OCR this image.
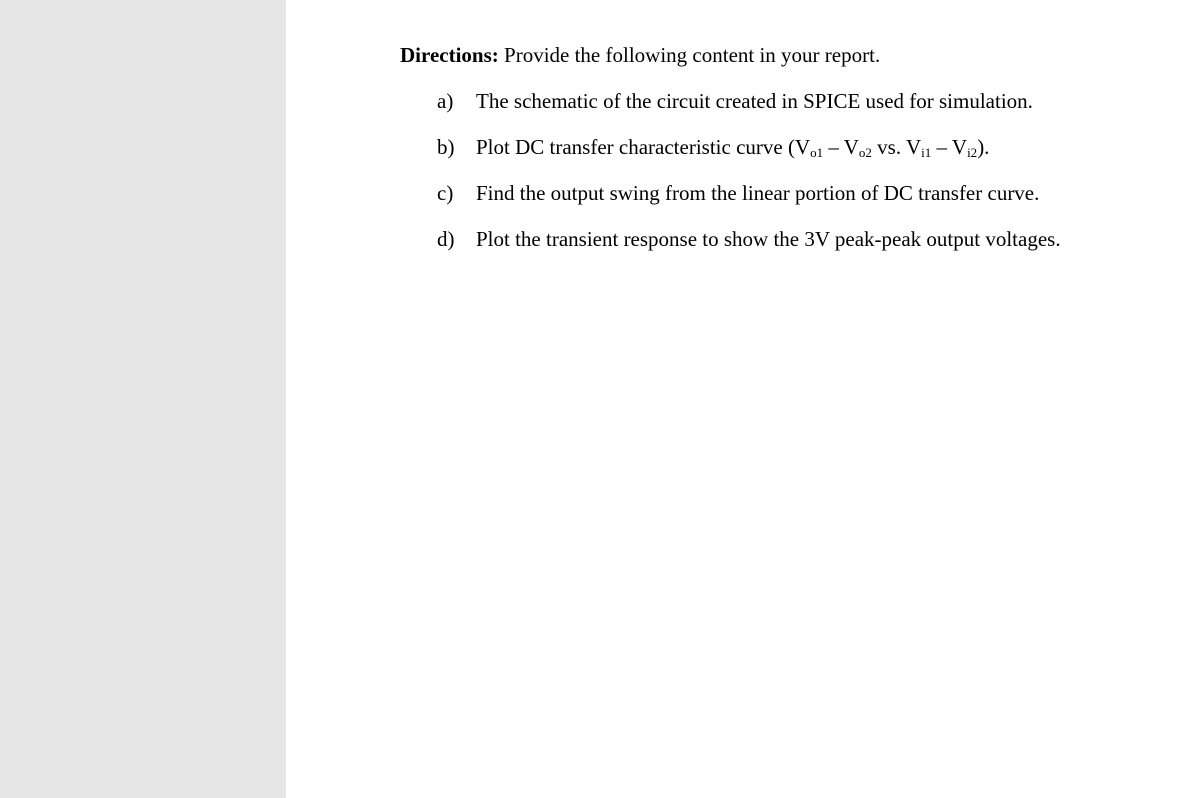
Directions: Provide the following content in your report.

a) The schematic of the circuit created in SPICE used for simulation.
b) Plot DC transfer characteristic curve ($V_{o1} - V_{o2}$ vs. $V_{i1} - V_{i2}$).
c) Find the output swing from the linear portion of DC transfer curve.
d) Plot the transient response to show the 3V peak-peak output voltages.
